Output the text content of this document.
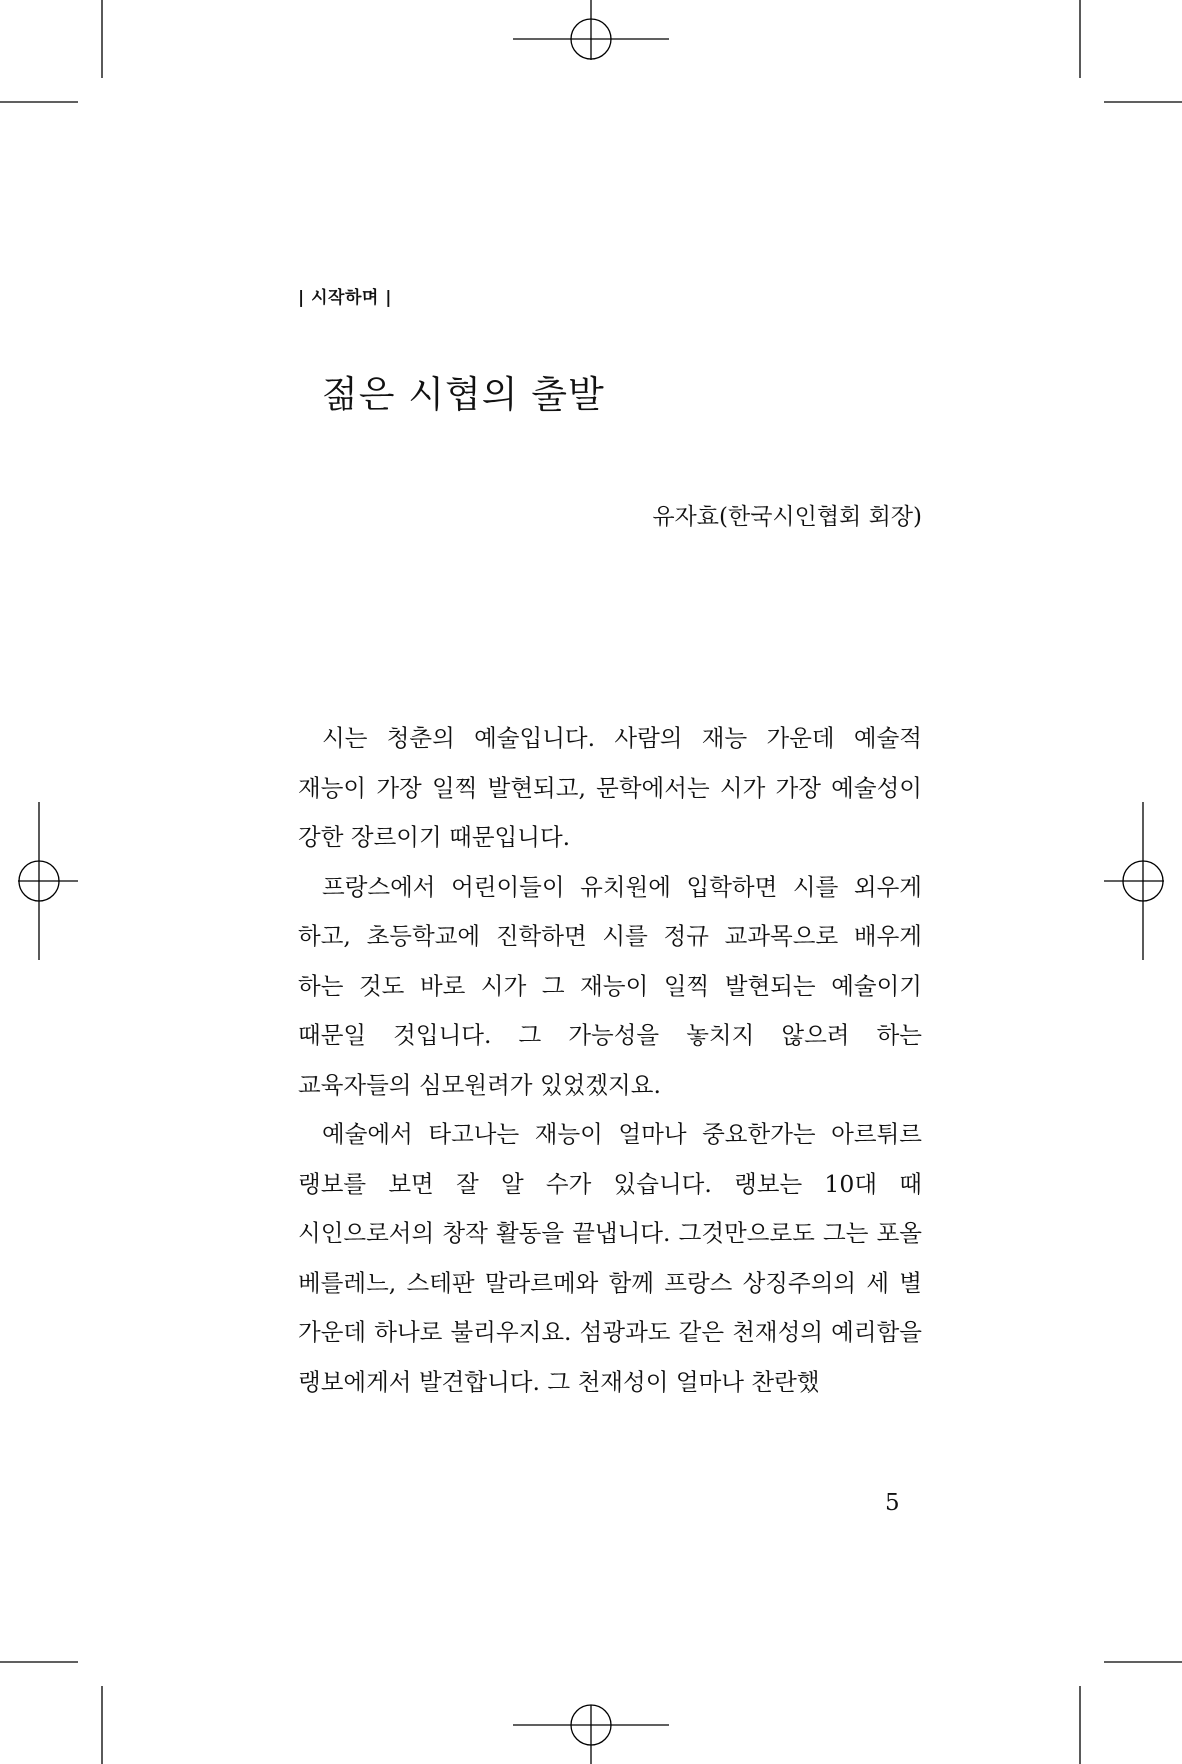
| 시작하며 |
젊은 시협의 출발
유자효(한국시인협회 회장)

시는 청춘의 예술입니다. 사람의 재능 가운데 예술적 재능이 가장 일찍 발현되고, 문학에서는 시가 가장 예술성이 강한 장르이기 때문입니다.

프랑스에서 어린이들이 유치원에 입학하면 시를 외우게 하고, 초등학교에 진학하면 시를 정규 교과목으로 배우게 하는 것도 바로 시가 그 재능이 일찍 발현되는 예술이기 때문일 것입니다. 그 가능성을 놓치지 않으려 하는 교육자들의 심모원려가 있었겠지요.

예술에서 타고나는 재능이 얼마나 중요한가는 아르튀르 랭보를 보면 잘 알 수가 있습니다. 랭보는 10대 때 시인으로서의 창작 활동을 끝냅니다. 그것만으로도 그는 포올 베를레느, 스테판 말라르메와 함께 프랑스 상징주의의 세 별 가운데 하나로 불리우지요. 섬광과도 같은 천재성의 예리함을 랭보에게서 발견합니다. 그 천재성이 얼마나 찬란했

5
